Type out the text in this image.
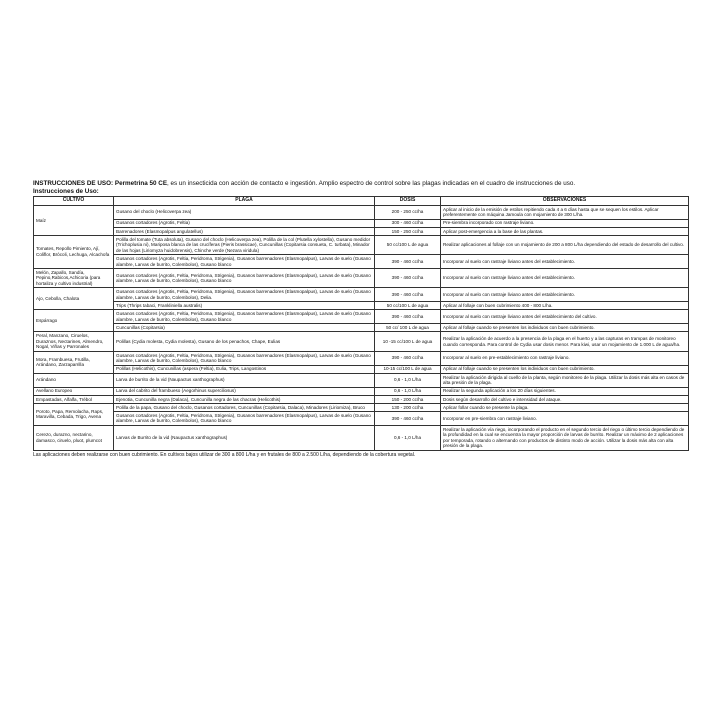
INSTRUCCIONES DE USO: Permetrina 50 CE, es un insecticida con acción de contacto e ingestión. Amplio espectro de control sobre las plagas indicadas en el cuadro de instrucciones de uso.

Instrucciones de Uso:

CULTIVO	PLAGA	DOSIS	OBSERVACIONES
Maíz	Gusano del choclo (Helicoverpa zea)	200 - 250 cc/ha	Aplicar al inicio de la emisión de estilos repitiendo cada 4 a 6 días hasta que se sequen los estilos. Aplicar preferentemente con máquina Jamoula con mojamiento de 300 L/ha.
	Gusanos cortadores (Agrotis, Feltia)	300 - 460 cc/ha	Pre-siembra incorporado con rastraje liviano.
	Barrenadores (Elasmopalpus angulatellus)	150 - 250 cc/ha	Aplicar post-emergencia a la base de las plantas.
Tomates, Repollo Pimiento, Ají, Coliflor, Brócoli, Lechuga, Alcachofa	Polilla del tomate (Tuta absoluta), Gusano del choclo (Helicoverpa zea), Polilla de la col (Plutella xylostella), Gusano medidor (Trichoplusia ni), Mariposa blanca de las crucíferas (Pieris brassicae), Cuncunillas (Copitarsia consueta, C. turbata), Minador de las hojas (Liriomyza huidobrensis), Chinche verde (Nezara viridula)	50 cc/100 L de agua	Realizar aplicaciones al follaje con un mojamiento de 200 a 800 L/ha dependiendo del estado de desarrollo del cultivo.
	Gusanos cortadores (Agrotis, Feltia, Peridroma, Strigenia), Gusanos barrenadores (Elasmopalpus), Larvas de suelo (Gusano alambre, Larvas de burrito, Colembolos), Gusano blanco	390 - 460 cc/ha	Incorporar al suelo con rastraje liviano antes del establecimiento.
Melón, Zapallo, Sandía, Pepino,Rabicos,Achicoria (para hortaliza y cultivo industrial)	Gusanos cortadores (Agrotis, Feltia, Peridroma, Strigenia), Gusanos barrenadores (Elasmopalpus), Larvas de suelo (Gusano alambre, Larvas de burrito, Colembolos), Gusano blanco	390 - 460 cc/ha	Incorporar al suelo con rastraje liviano antes del establecimiento.
Ajo, Cebolla, Chalota	Gusanos cortadores (Agrotis, Feltia, Peridroma, Strigenia), Gusanos barrenadores (Elasmopalpus), Larvas de suelo (Gusano alambre, Larvas de burrito, Colembolos), Delia.	390 - 460 cc/ha	Incorporar al suelo con rastraje liviano antes del establecimiento.
	Trips (Thrips tabaci, Frankliniella australis)	50 cc/100 L de agua	Aplicar al follaje con buen cubrimiento 400 - 800 L/ha.
Espárrago	Gusanos cortadores (Agrotis, Feltia, Peridroma, Strigenia), Gusanos barrenadores (Elasmopalpus), Larvas de suelo (Gusano alambre, Larvas de burrito, Colembolos), Gusano blanco	390 - 460 cc/ha	Incorporar al suelo con rastraje liviano antes del establecimiento del cultivo.
	Cuncunillas (Copitarsia)	50 cc/ 100 L de agua	Aplicar al follaje cuando se presenten los individuos con buen cubrimiento.
Peral, Manzano, Ciruelos, Duraznos, Nectarines, Almendro, Nogal, Viñas y Parronales	Polillas (Cydia molesta, Cydia molesta), Gusano de los penachos, Chape, Eulias	10 -15 cc/100 L de agua	Realizar la aplicación de acuerdo a la presencia de la plaga en el huerto y a las capturas en trampas de monitoreo cuando corresponda. Para control de Cydia usar dosis menor. Para kiwi, usar un mojamiento de 1.000 L de agua/ha.
Mora, Frambuesa, Frutilla, Arándano, Zarzaparrilla	Gusanos cortadores (Agrotis, Feltia, Peridroma, Strigenia), Gusanos barrenadores (Elasmopalpus), Larvas de suelo (Gusano alambre, Larvas de burrito, Colembolos), Gusano blanco	390 - 460 cc/ha	Incorporar al suelo en pre-establecimiento con rastraje liviano.
	Polillas (Helicothis), Cuncunillas (aspera (Feltia), Eulia, Trips, Langostinos	10-15 cc/100 L de agua	Aplicar al follaje cuando se presenten los individuos con buen cubrimiento.
Arándano	Larva de burrito de la vid (Naupactus xanthographus)	0,6 - 1,0 L/ha	Realizar la aplicación dirigida al cuello de la planta, según monitoreo de la plaga. Utilizar la dosis más alta en casos de alta presión de la plaga.
Avellano Europeo	Larva del cabrito del frambueso (Aegorhinus superciliosus)	0,6 - 1,0 L/ha	Realizar la segunda aplicación a los 20 días siguientes.
Empastadas, Alfalfa, Trébol	Ejenotia, Cuncunilla negra (Dalaca), Cuncunilla negra de las chacras (Helicothis)	150 - 200 cc/ha	Dosis según desarrollo del cultivo e intensidad del ataque.
Poroto, Papa, Remolacha, Raps, Maravilla, Cebada, Trigo, Avena	Polilla de la papa, Gusano del choclo, Gusanos cortadores, Cuncunillas (Copitarsia, Dalaca), Minadores (Liriomiza), Bruco	130 - 200 cc/ha	Aplicar follar cuando se presente la plaga.
	Gusanos cortadores (Agrotis, Feltia, Peridroma, Strigenia), Gusanos barrenadores (Elasmopalpus), Larvas de suelo (Gusano alambre, Larvas de burrito, Colembolos), Gusano blanco	390 - 460 cc/ha	Incorporar en pre-siembra con rastraje liviano.
Cerezo, durazno, nectarino, damasco, ciruelo, pluot, plumcot	Larvas de Burrito de la vid (Naupactus xanthographus)	0,6 - 1,0 L/ha	Realizar la aplicación vía riego, incorporando el producto en el segundo tercio del riego o último tercio dependiendo de la profundidad en la cual se encuentra la mayor proporción de larvas de burrito. Realizar un máximo de 2 aplicaciones por temporada, rotando o alternando con productos de distinto modo de acción. Utilizar la dosis más alta con alta presión de la plaga.

Las aplicaciones deben realizarse con buen cubrimiento. En cultivos bajos utilizar de 300 a 800 L/ha y en frutales de 800 a 2.500 L/ha, dependiendo de la cobertura vegetal.
